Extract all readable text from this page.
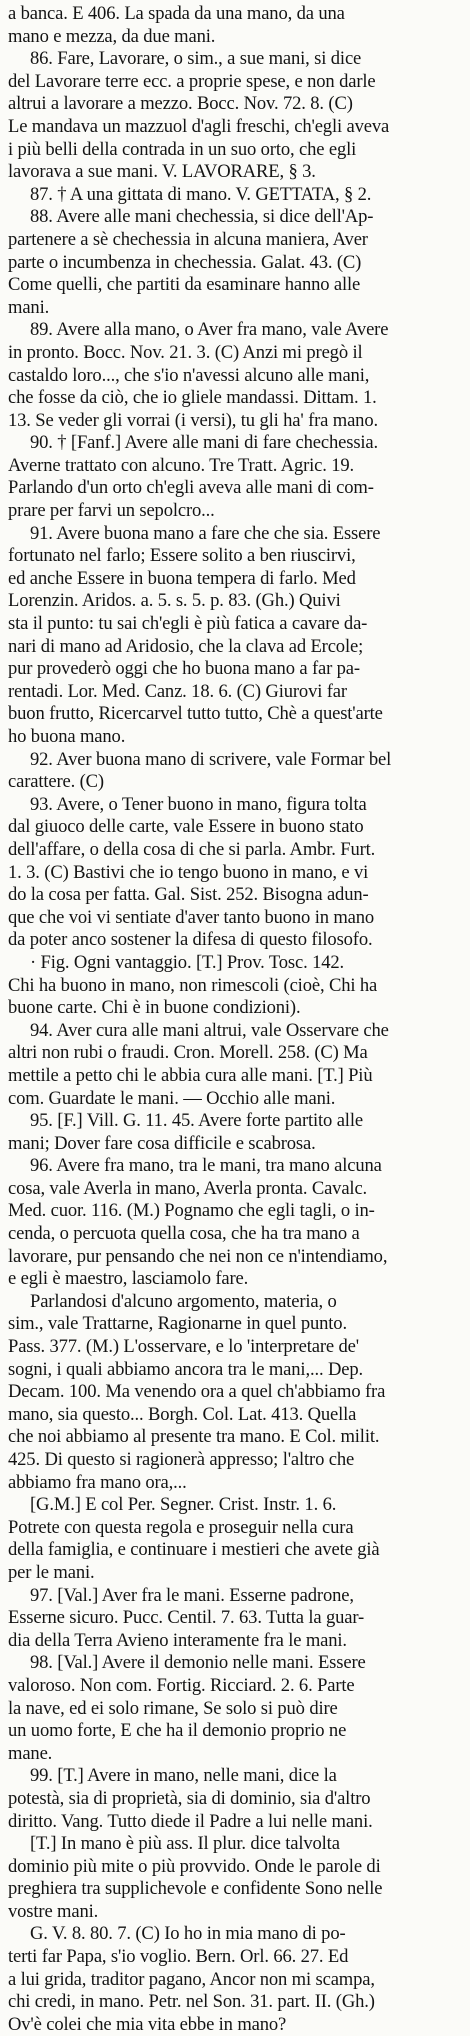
a banca. E 406. La spada da una mano, da una
mano e mezza, da due mani.
86. Fare, Lavorare, o sim., a sue mani, si dice
del Lavorare terre ecc. a proprie spese, e non darle
altrui a lavorare a mezzo. Bocc. Nov. 72. 8. (C)
Le mandava un mazzuol d'agli freschi, ch'egli aveva
i più belli della contrada in un suo orto, che egli
lavorava a sue mani. V. LAVORARE, § 3.
87. † A una gittata di mano. V. GETTATA, § 2.
88. Avere alle mani chechessia, si dice dell'Ap-
partenere a sè chechessia in alcuna maniera, Aver
parte o incumbenza in chechessia. Galat. 43. (C)
Come quelli, che partiti da esaminare hanno alle
mani.
89. Avere alla mano, o Aver fra mano, vale Avere
in pronto. Bocc. Nov. 21. 3. (C) Anzi mi pregò il
castaldo loro..., che s'io n'avessi alcuno alle mani,
che fosse da ciò, che io gliele mandassi. Dittam. 1.
13. Se veder gli vorrai (i versi), tu gli ha' fra mano.
90. † [Fanf.] Avere alle mani di fare chechessia.
Averne trattato con alcuno. Tre Tratt. Agric. 19.
Parlando d'un orto ch'egli aveva alle mani di com-
prare per farvi un sepolcro...
91. Avere buona mano a fare che che sia. Essere
fortunato nel farlo; Essere solito a ben riuscirvi,
ed anche Essere in buona tempera di farlo. Med
Lorenzin. Aridos. a. 5. s. 5. p. 83. (Gh.) Quivi
sta il punto: tu sai ch'egli è più fatica a cavare da-
nari di mano ad Aridosio, che la clava ad Ercole;
pur provederò oggi che ho buona mano a far pa-
rentadi. Lor. Med. Canz. 18. 6. (C) Giurovi far
buon frutto, Ricercarvel tutto tutto, Chè a quest'arte
ho buona mano.
92. Aver buona mano di scrivere, vale Formar bel
carattere. (C)
93. Avere, o Tener buono in mano, figura tolta
dal giuoco delle carte, vale Essere in buono stato
dell'affare, o della cosa di che si parla. Ambr. Furt.
1. 3. (C) Bastivi che io tengo buono in mano, e vi
do la cosa per fatta. Gal. Sist. 252. Bisogna adun-
que che voi vi sentiate d'aver tanto buono in mano
da poter anco sostener la difesa di questo filosofo.
· Fig. Ogni vantaggio. [T.] Prov. Tosc. 142.
Chi ha buono in mano, non rimescoli (cioè, Chi ha
buone carte. Chi è in buone condizioni).
94. Aver cura alle mani altrui, vale Osservare che
altri non rubi o fraudi. Cron. Morell. 258. (C) Ma
mettile a petto chi le abbia cura alle mani. [T.] Più
com. Guardate le mani. — Occhio alle mani.
95. [F.] Vill. G. 11. 45. Avere forte partito alle
mani; Dover fare cosa difficile e scabrosa.
96. Avere fra mano, tra le mani, tra mano alcuna
cosa, vale Averla in mano, Averla pronta. Cavalc.
Med. cuor. 116. (M.) Pognamo che egli tagli, o in-
cenda, o percuota quella cosa, che ha tra mano a
lavorare, pur pensando che nei non ce n'intendiamo,
e egli è maestro, lasciamolo fare.
Parlandosi d'alcuno argomento, materia, o
sim., vale Trattarne, Ragionarne in quel punto.
Pass. 377. (M.) L'osservare, e lo 'interpretare de'
sogni, i quali abbiamo ancora tra le mani,... Dep.
Decam. 100. Ma venendo ora a quel ch'abbiamo fra
mano, sia questo... Borgh. Col. Lat. 413. Quella
che noi abbiamo al presente tra mano. E Col. milit.
425. Di questo si ragionerà appresso; l'altro che
abbiamo fra mano ora,...
[G.M.] E col Per. Segner. Crist. Instr. 1. 6.
Potrete con questa regola e proseguir nella cura
della famiglia, e continuare i mestieri che avete già
per le mani.
97. [Val.] Aver fra le mani. Esserne padrone,
Esserne sicuro. Pucc. Centil. 7. 63. Tutta la guar-
dia della Terra Avieno interamente fra le mani.
98. [Val.] Avere il demonio nelle mani. Essere
valoroso. Non com. Fortig. Ricciard. 2. 6. Parte
la nave, ed ei solo rimane, Se solo si può dire
un uomo forte, E che ha il demonio proprio ne
mane.
99. [T.] Avere in mano, nelle mani, dice la
potestà, sia di proprietà, sia di dominio, sia d'altro
diritto. Vang. Tutto diede il Padre a lui nelle mani.
[T.] In mano è più ass. Il plur. dice talvolta
dominio più mite o più provvido. Onde le parole di
preghiera tra supplichevole e confidente Sono nelle
vostre mani.
G. V. 8. 80. 7. (C) Io ho in mia mano di po-
terti far Papa, s'io voglio. Bern. Orl. 66. 27. Ed
a lui grida, traditor pagano, Ancor non mi scampa,
chi credi, in mano. Petr. nel Son. 31. part. II. (Gh.)
Ov'è colei che mia vita ebbe in mano?
